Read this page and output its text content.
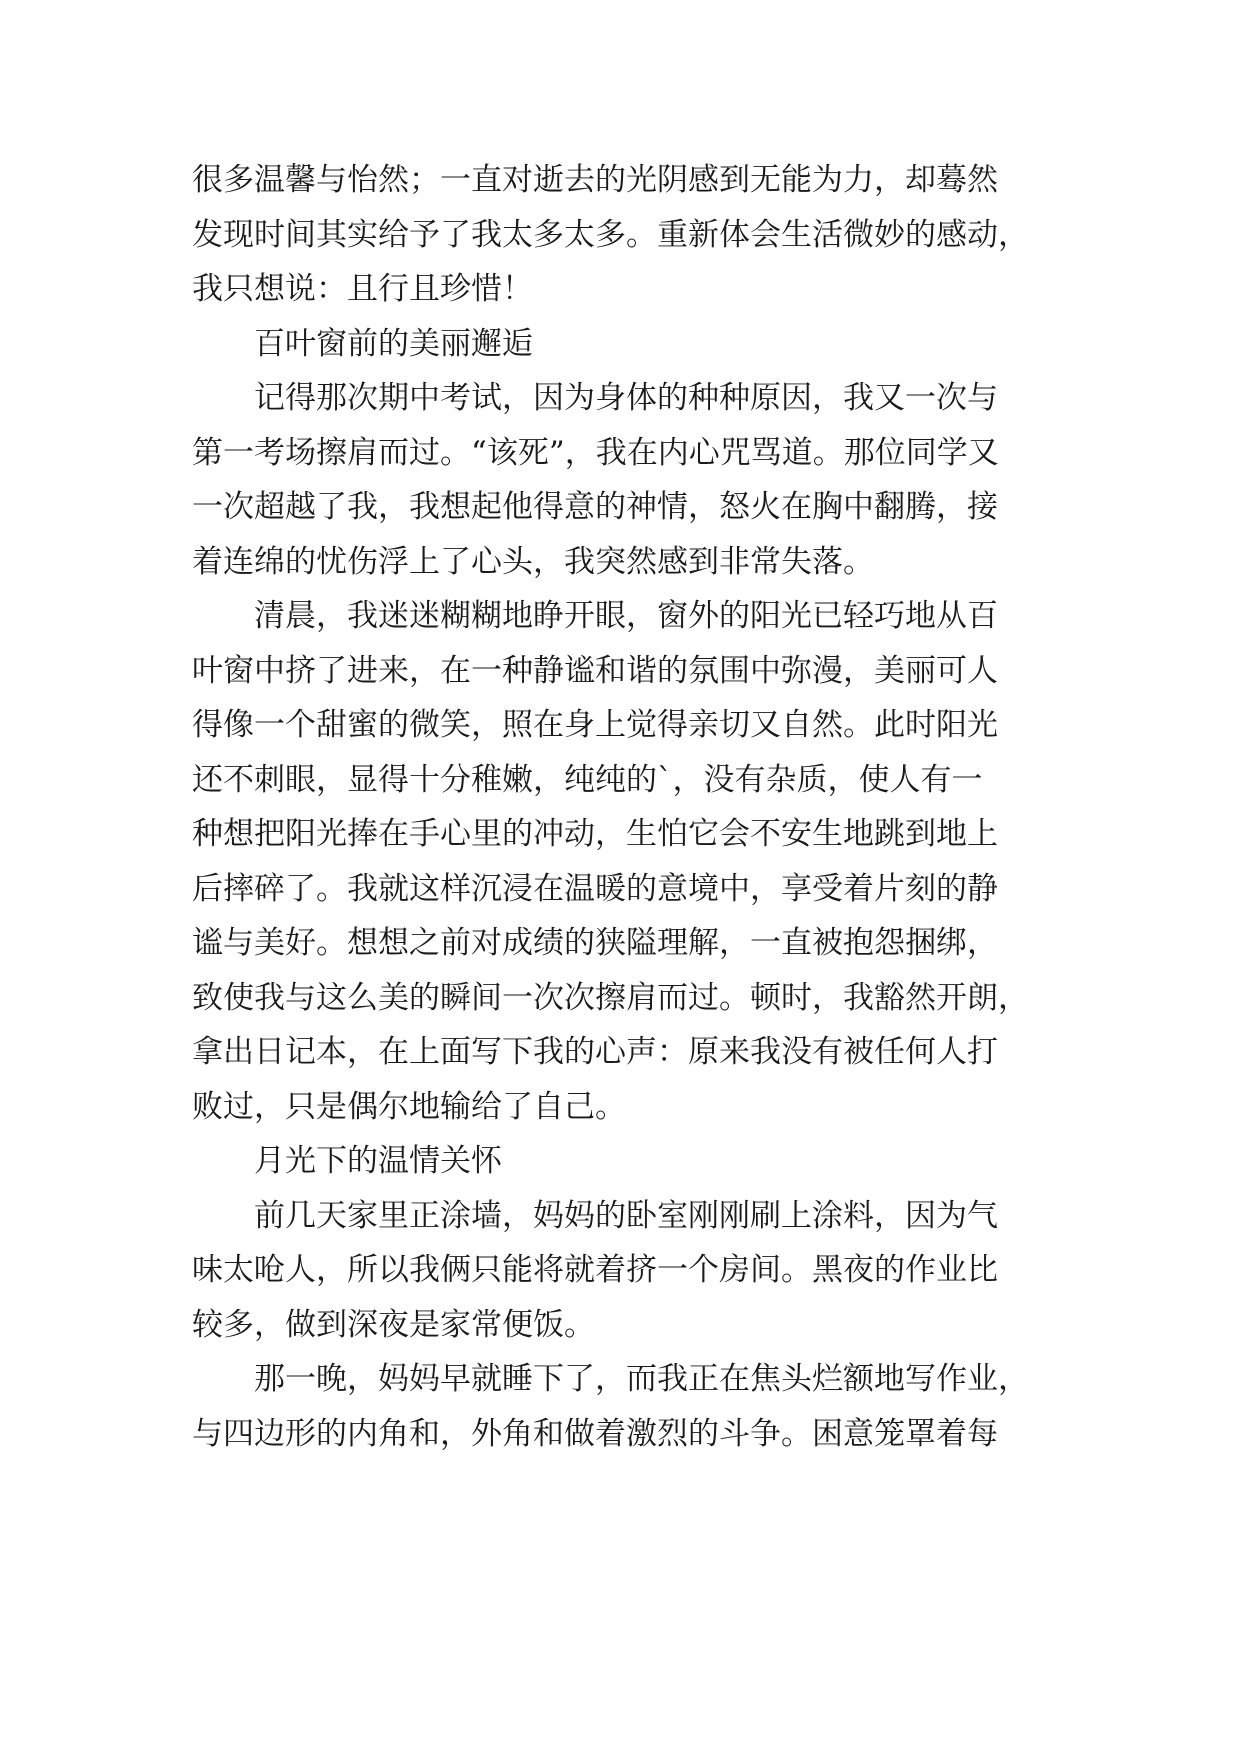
很多温馨与怡然；一直对逝去的光阴感到无能为力，却蓦然
发现时间其实给予了我太多太多。重新体会生活微妙的感动，
我只想说：且行且珍惜！
百叶窗前的美丽邂逅
记得那次期中考试，因为身体的种种原因，我又一次与
第一考场擦肩而过。“该死”，我在内心咒骂道。那位同学又
一次超越了我，我想起他得意的神情，怒火在胸中翻腾，接
着连绵的忧伤浮上了心头，我突然感到非常失落。
清晨，我迷迷糊糊地睁开眼，窗外的阳光已轻巧地从百
叶窗中挤了进来，在一种静谧和谐的氛围中弥漫，美丽可人
得像一个甜蜜的微笑，照在身上觉得亲切又自然。此时阳光
还不刺眼，显得十分稚嫩，纯纯的`，没有杂质，使人有一
种想把阳光捧在手心里的冲动，生怕它会不安生地跳到地上
后摔碎了。我就这样沉浸在温暖的意境中，享受着片刻的静
谧与美好。想想之前对成绩的狭隘理解，一直被抱怨捆绑，
致使我与这么美的瞬间一次次擦肩而过。顿时，我豁然开朗，
拿出日记本，在上面写下我的心声：原来我没有被任何人打
败过，只是偶尔地输给了自己。
月光下的温情关怀
前几天家里正涂墙，妈妈的卧室刚刚刷上涂料，因为气
味太呛人，所以我俩只能将就着挤一个房间。黑夜的作业比
较多，做到深夜是家常便饭。
那一晚，妈妈早就睡下了，而我正在焦头烂额地写作业，
与四边形的内角和，外角和做着激烈的斗争。困意笼罩着每
